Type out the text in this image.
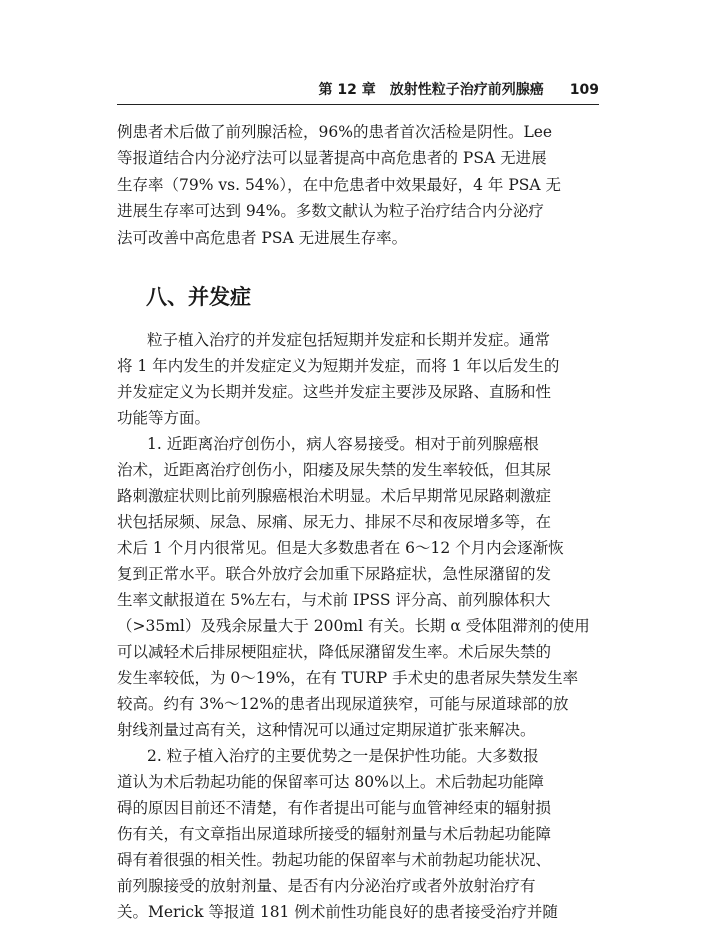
第 12 章　放射性粒子治疗前列腺癌 109
例患者术后做了前列腺活检，96%的患者首次活检是阴性。Lee
等报道结合内分泌疗法可以显著提高中高危患者的 PSA 无进展
生存率（79% vs. 54%），在中危患者中效果最好，4 年 PSA 无
进展生存率可达到 94%。多数文献认为粒子治疗结合内分泌疗
法可改善中高危患者 PSA 无进展生存率。
八、并发症
粒子植入治疗的并发症包括短期并发症和长期并发症。通常
将 1 年内发生的并发症定义为短期并发症，而将 1 年以后发生的
并发症定义为长期并发症。这些并发症主要涉及尿路、直肠和性
功能等方面。
1. 近距离治疗创伤小，病人容易接受。相对于前列腺癌根
治术，近距离治疗创伤小，阳痿及尿失禁的发生率较低，但其尿
路刺激症状则比前列腺癌根治术明显。术后早期常见尿路刺激症
状包括尿频、尿急、尿痛、尿无力、排尿不尽和夜尿增多等，在
术后 1 个月内很常见。但是大多数患者在 6～12 个月内会逐渐恢
复到正常水平。联合外放疗会加重下尿路症状，急性尿潴留的发
生率文献报道在 5%左右，与术前 IPSS 评分高、前列腺体积大
（>35ml）及残余尿量大于 200ml 有关。长期 α 受体阻滞剂的使用
可以减轻术后排尿梗阻症状，降低尿潴留发生率。术后尿失禁的
发生率较低，为 0～19%，在有 TURP 手术史的患者尿失禁发生率
较高。约有 3%～12%的患者出现尿道狭窄，可能与尿道球部的放
射线剂量过高有关，这种情况可以通过定期尿道扩张来解决。
2. 粒子植入治疗的主要优势之一是保护性功能。大多数报
道认为术后勃起功能的保留率可达 80%以上。术后勃起功能障
碍的原因目前还不清楚，有作者提出可能与血管神经束的辐射损
伤有关，有文章指出尿道球所接受的辐射剂量与术后勃起功能障
碍有着很强的相关性。勃起功能的保留率与术前勃起功能状况、
前列腺接受的放射剂量、是否有内分泌治疗或者外放射治疗有
关。Merick 等报道 181 例术前性功能良好的患者接受治疗并随
